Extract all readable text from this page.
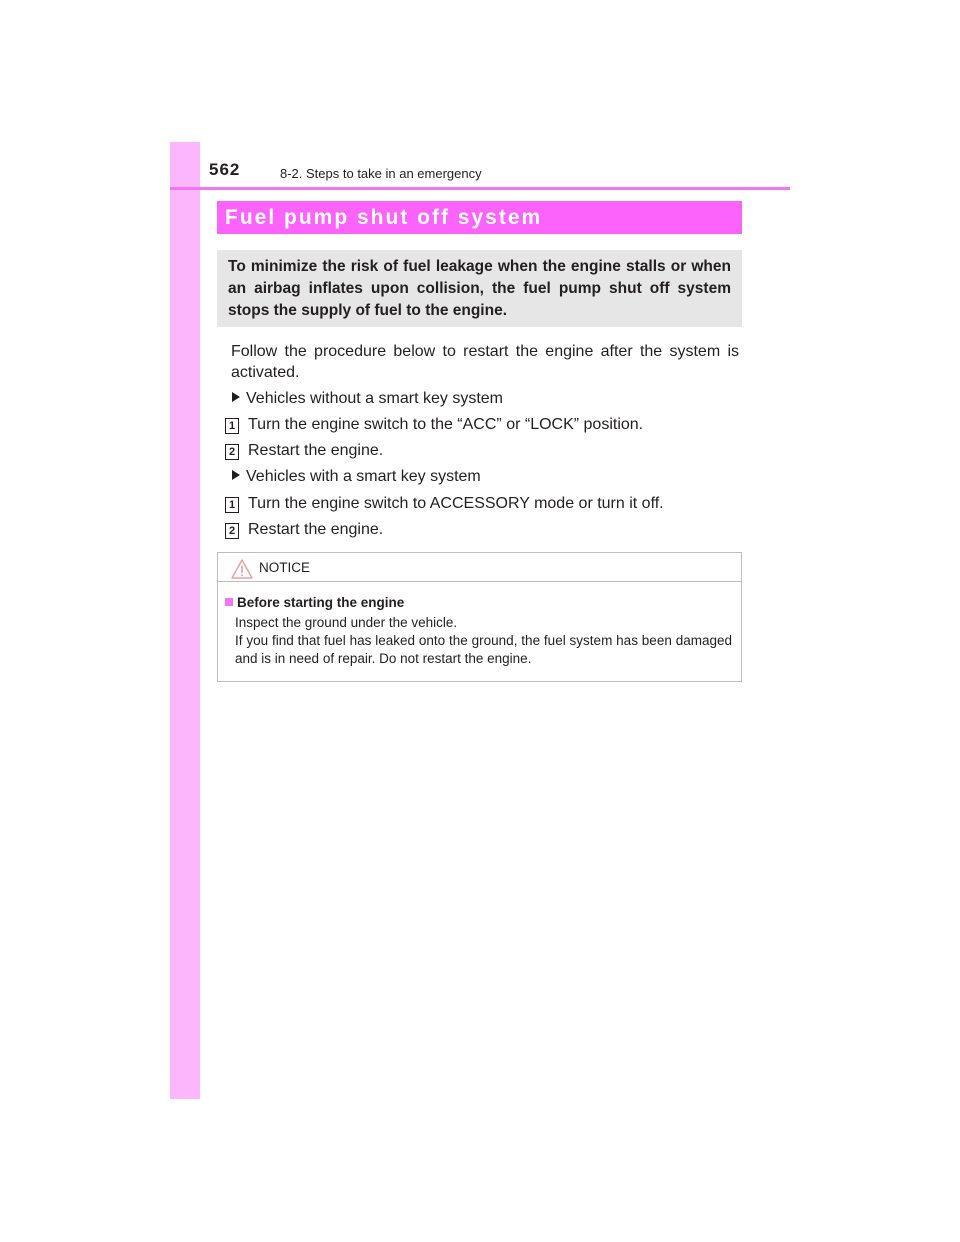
562	8-2. Steps to take in an emergency
Fuel pump shut off system
To minimize the risk of fuel leakage when the engine stalls or when an airbag inflates upon collision, the fuel pump shut off system stops the supply of fuel to the engine.
Follow the procedure below to restart the engine after the system is activated.
Vehicles without a smart key system
1 Turn the engine switch to the “ACC” or “LOCK” position.
2 Restart the engine.
Vehicles with a smart key system
1 Turn the engine switch to ACCESSORY mode or turn it off.
2 Restart the engine.
NOTICE
Before starting the engine

Inspect the ground under the vehicle.

If you find that fuel has leaked onto the ground, the fuel system has been damaged and is in need of repair. Do not restart the engine.
